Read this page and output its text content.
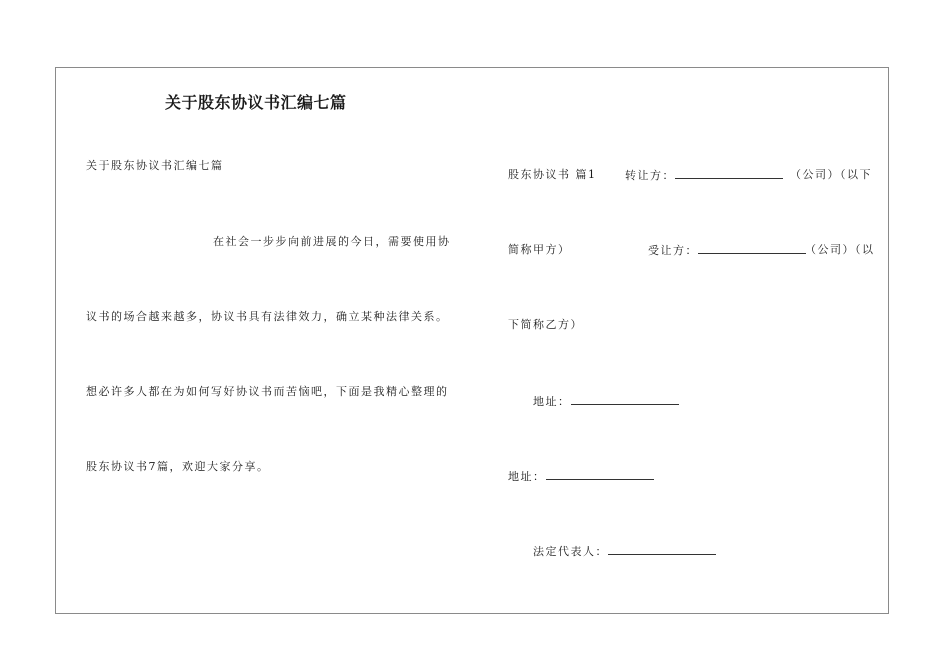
关于股东协议书汇编七篇
关于股东协议书汇编七篇
在社会一步步向前进展的今日，需要使用协
议书的场合越来越多，协议书具有法律效力，确立某种法律关系。
想必许多人都在为如何写好协议书而苦恼吧，下面是我精心整理的
股东协议书7篇，欢迎大家分享。
股东协议书 篇1	转让方：	（公司）（以下
简称甲方）	受让方：	（公司）（以
下简称乙方）
地址：
地址：
法定代表人：
